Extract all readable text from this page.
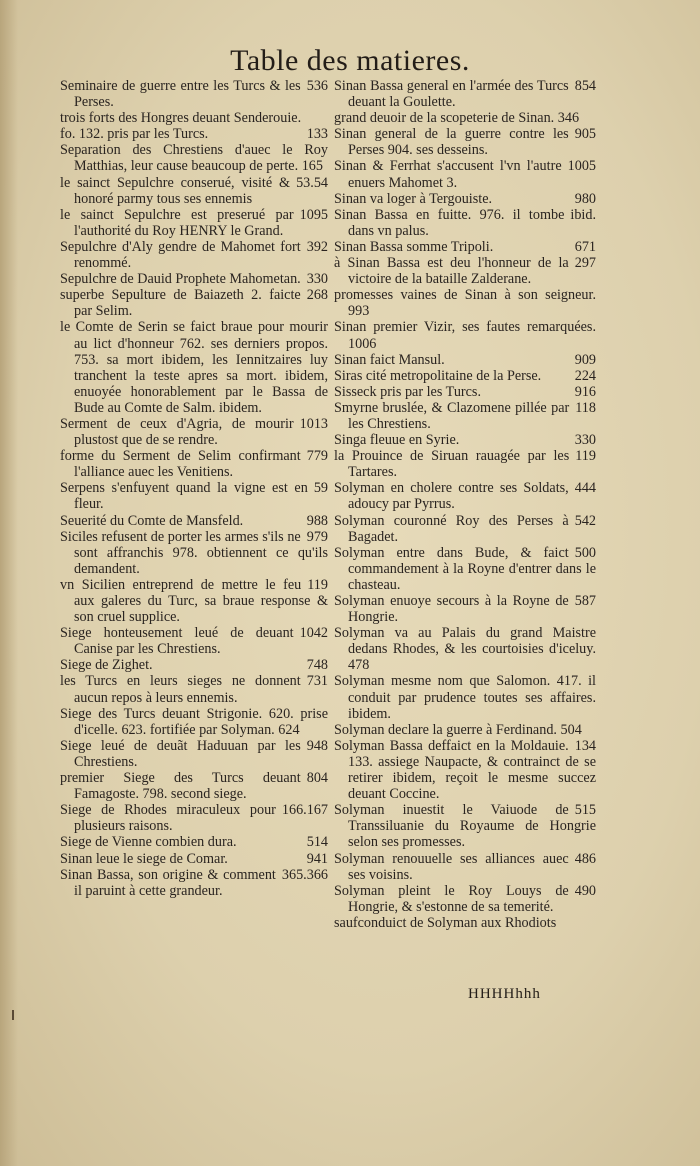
Table des matieres.

536
Seminaire de guerre entre les Turcs & les Perses.

trois forts des Hongres deuant Senderouie.

133
fo. 132. pris par les Turcs.

Separation des Chrestiens d'auec le Roy Matthias, leur cause beaucoup de perte. 165

53.54
le sainct Sepulchre conserué, visité & honoré parmy tous ses ennemis

1095
le sainct Sepulchre est preserué par l'authorité du Roy HENRY le Grand.

392
Sepulchre d'Aly gendre de Mahomet fort renommé.

330
Sepulchre de Dauid Prophete Mahometan.

268
superbe Sepulture de Baiazeth 2. faicte par Selim.

le Comte de Serin se faict braue pour mourir au lict d'honneur 762. ses derniers propos. 753. sa mort ibidem, les Iennitzaires luy tranchent la teste apres sa mort. ibidem, enuoyée honorablement par le Bassa de Bude au Comte de Salm. ibidem.

1013
Serment de ceux d'Agria, de mourir plustost que de se rendre.

779
forme du Serment de Selim confirmant l'alliance auec les Venitiens.

59
Serpens s'enfuyent quand la vigne est en fleur.

988
Seuerité du Comte de Mansfeld.

979
Siciles refusent de porter les armes s'ils ne sont affranchis 978. obtiennent ce qu'ils demandent.

119
vn Sicilien entreprend de mettre le feu aux galeres du Turc, sa braue response & son cruel supplice.

1042
Siege honteusement leué de deuant Canise par les Chrestiens.

748
Siege de Zighet.

731
les Turcs en leurs sieges ne donnent aucun repos à leurs ennemis.

Siege des Turcs deuant Strigonie. 620. prise d'icelle. 623. fortifiée par Solyman. 624

948
Siege leué de deuãt Haduuan par les Chrestiens.

804
premier Siege des Turcs deuant Famagoste. 798. second siege.

166.167
Siege de Rhodes miraculeux pour plusieurs raisons.

514
Siege de Vienne combien dura.

941
Sinan leue le siege de Comar.

365.366
Sinan Bassa, son origine & comment il paruint à cette grandeur.

854
Sinan Bassa general en l'armée des Turcs deuant la Goulette.

grand deuoir de la scopeterie de Sinan. 346

905
Sinan general de la guerre contre les Perses 904. ses desseins.

1005
Sinan & Ferrhat s'accusent l'vn l'autre enuers Mahomet 3.

980
Sinan va loger à Tergouiste.

ibid.
Sinan Bassa en fuitte. 976. il tombe dans vn palus.

671
Sinan Bassa somme Tripoli.

297
à Sinan Bassa est deu l'honneur de la victoire de la bataille Zalderane.

promesses vaines de Sinan à son seigneur. 993

Sinan premier Vizir, ses fautes remarquées. 1006

909
Sinan faict Mansul.

224
Siras cité metropolitaine de la Perse.

916
Sisseck pris par les Turcs.

118
Smyrne bruslée, & Clazomene pillée par les Chrestiens.

330
Singa fleuue en Syrie.

119
la Prouince de Siruan rauagée par les Tartares.

444
Solyman en cholere contre ses Soldats, adoucy par Pyrrus.

542
Solyman couronné Roy des Perses à Bagadet.

500
Solyman entre dans Bude, & faict commandement à la Royne d'entrer dans le chasteau.

587
Solyman enuoye secours à la Royne de Hongrie.

Solyman va au Palais du grand Maistre dedans Rhodes, & les courtoisies d'iceluy. 478

Solyman mesme nom que Salomon. 417. il conduit par prudence toutes ses affaires. ibidem.

Solyman declare la guerre à Ferdinand. 504

134
Solyman Bassa deffaict en la Moldauie. 133. assiege Naupacte, & contrainct de se retirer ibidem, reçoit le mesme succez deuant Coccine.

515
Solyman inuestit le Vaiuode de Transsiluanie du Royaume de Hongrie selon ses promesses.

486
Solyman renouuelle ses alliances auec ses voisins.

490
Solyman pleint le Roy Louys de Hongrie, & s'estonne de sa temerité.

saufconduict de Solyman aux Rhodiots

HHHHhhh
